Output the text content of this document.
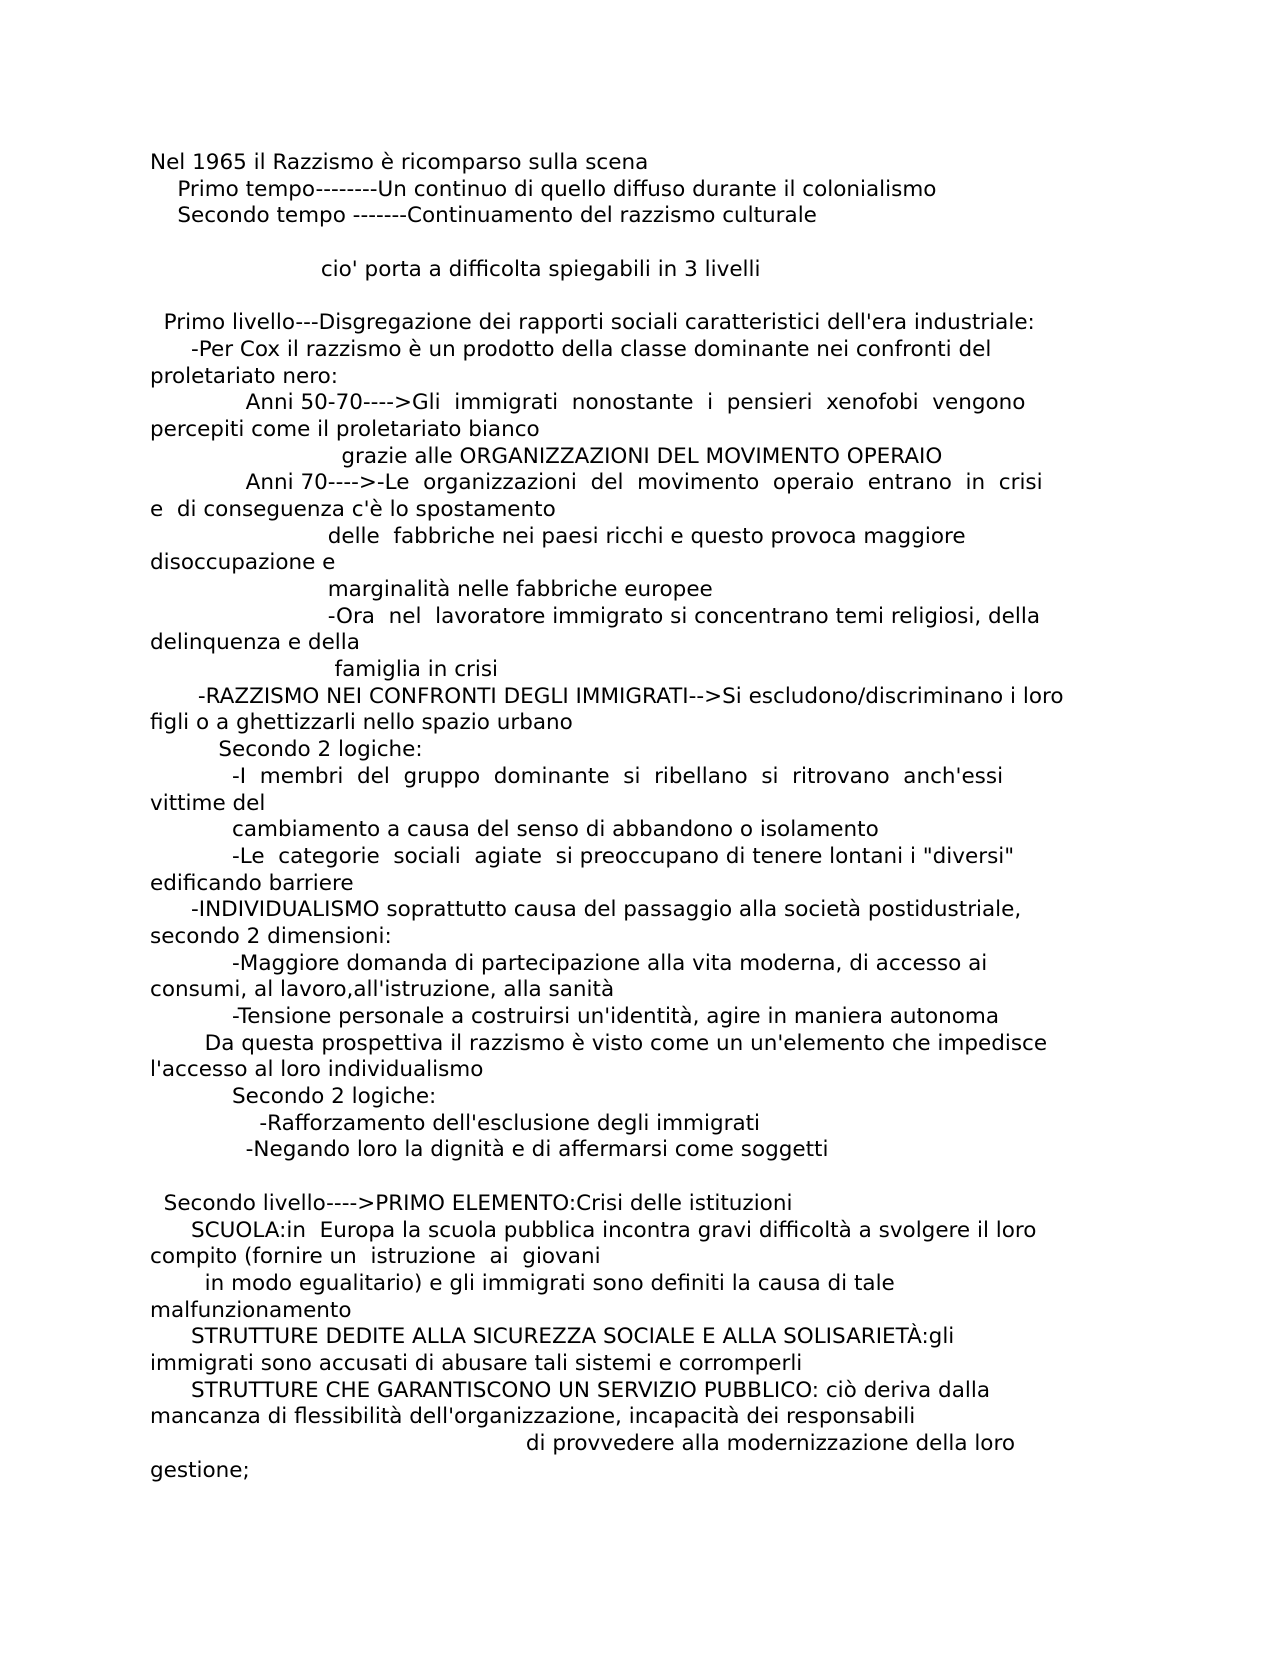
Nel 1965 il Razzismo è ricomparso sulla scena
Primo tempo--------Un continuo di quello diffuso durante il colonialismo
Secondo tempo -------Continuamento del razzismo culturale
cio' porta a difficolta spiegabili in 3 livelli
Primo livello---Disgregazione dei rapporti sociali caratteristici dell'era industriale:
-Per Cox il razzismo è un prodotto della classe dominante nei confronti del
proletariato nero:
Anni 50-70---->Gli  immigrati  nonostante  i  pensieri  xenofobi  vengono
percepiti come il proletariato bianco
grazie alle ORGANIZZAZIONI DEL MOVIMENTO OPERAIO
Anni 70---->-Le  organizzazioni  del  movimento  operaio  entrano  in  crisi
e  di conseguenza c'è lo spostamento
delle  fabbriche nei paesi ricchi e questo provoca maggiore
disoccupazione e
marginalità nelle fabbriche europee
-Ora  nel  lavoratore immigrato si concentrano temi religiosi, della
delinquenza e della
famiglia in crisi
-RAZZISMO NEI CONFRONTI DEGLI IMMIGRATI-->Si escludono/discriminano i loro
figli o a ghettizzarli nello spazio urbano
Secondo 2 logiche:
-I  membri  del  gruppo  dominante  si  ribellano  si  ritrovano  anch'essi
vittime del
cambiamento a causa del senso di abbandono o isolamento
-Le  categorie  sociali  agiate  si preoccupano di tenere lontani i "diversi"
edificando barriere
-INDIVIDUALISMO soprattutto causa del passaggio alla società postidustriale,
secondo 2 dimensioni:
-Maggiore domanda di partecipazione alla vita moderna, di accesso ai
consumi, al lavoro,all'istruzione, alla sanità
-Tensione personale a costruirsi un'identità, agire in maniera autonoma
Da questa prospettiva il razzismo è visto come un un'elemento che impedisce
l'accesso al loro individualismo
Secondo 2 logiche:
-Rafforzamento dell'esclusione degli immigrati
-Negando loro la dignità e di affermarsi come soggetti
Secondo livello---->PRIMO ELEMENTO:Crisi delle istituzioni
SCUOLA:in  Europa la scuola pubblica incontra gravi difficoltà a svolgere il loro
compito (fornire un  istruzione  ai  giovani
in modo egualitario) e gli immigrati sono definiti la causa di tale
malfunzionamento
STRUTTURE DEDITE ALLA SICUREZZA SOCIALE E ALLA SOLISARIETÀ:gli
immigrati sono accusati di abusare tali sistemi e corromperli
STRUTTURE CHE GARANTISCONO UN SERVIZIO PUBBLICO: ciò deriva dalla
mancanza di flessibilità dell'organizzazione, incapacità dei responsabili
di provvedere alla modernizzazione della loro
gestione;
